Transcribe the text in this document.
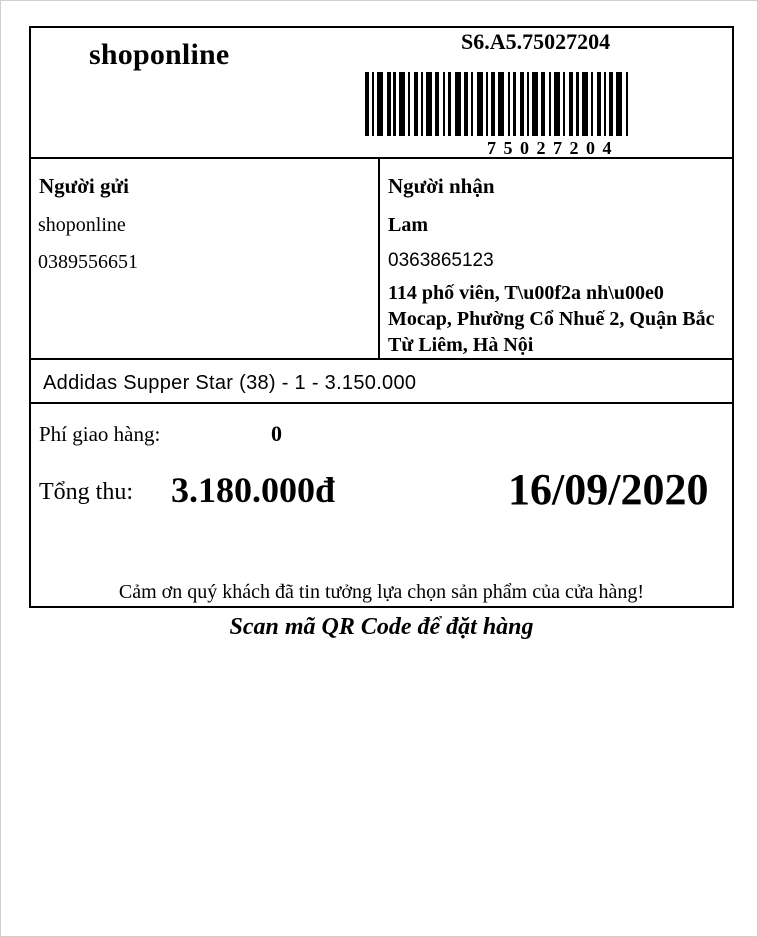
shoponline	S6.A5.75027204
75027204
Người gửi
shoponline
0389556651
Người nhận
Lam
0363865123
114 phố viên, T\u00f2a nh\u00e0 Mocap, Phường Cổ Nhuế 2, Quận Bắc Từ Liêm, Hà Nội
Addidas Supper Star (38) - 1 - 3.150.000
Phí giao hàng:	0
Tổng thu: 3.180.000đ	16/09/2020
Cảm ơn quý khách đã tin tưởng lựa chọn sản phẩm của cửa hàng!
Scan mã QR Code để đặt hàng
